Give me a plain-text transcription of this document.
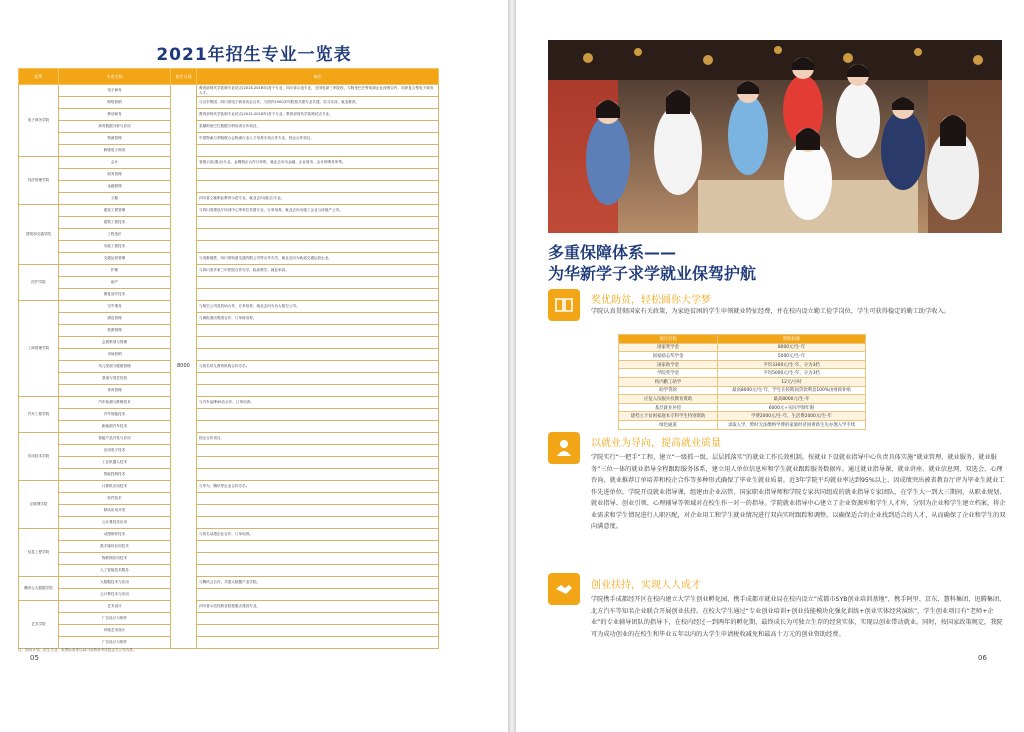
2021年招生专业一览表
院系	专业名称	招生计划	备注
电子商务学院	电子商务	8000	教育部现代学徒制专业试点(2015-2018年)首个专业，四川省示范专业，全国电商三甲院校，与阿里巴巴等电商企业深度合作，培养复合型电子商务人才。
	网络营销		与京东集团、四川省电子商务协会合作，与国内1500多所院校共建专业共建，实习实训，就业推荐。
	移动商务		教育部现代学徒制专业试点(2015-2018年)首个专业，教育部现代学徒制试点专业。
	商务数据分析与应用		隶属阿里巴巴数据分析培训合作项目。
	物流管理		中国物流与采购联合会物流行业人才培养专项合作专业，校企合作项目。
	跨境电子商务		
经济管理学院	会计		省级示范(重点)专业，金蝶校企合作订单班，就业去向为金融、企业财务、会计师事务所等。
	财务管理		
	金融管理		
	文秘		四川省文秘职业教育示范专业，就业去向(重点)专业。
建筑和交通学院	建设工程管理		与四川省建设厅培训中心等单位共建专业，订单培养，就业去向为施工企业与房地产公司。
	建筑工程技术		
	工程造价		
	市政工程技术		
	交通运营管理		与成都地铁、四川省轨道交通有限公司等合作办学，就业去向为轨道交通运营企业。
医护学院	护理		与四川省多家三甲医院合作办学，临床教学，就业率高。
	助产		
	康复治疗技术		
工商管理学院	空中乘务		与航空公司及机场合作，订单培养，就业去向为各大航空公司。
	酒店管理		与洲际酒店集团合作，订单班培养。
	旅游管理		
	会展策划与管理		
	市场营销		
	幼儿发展与健康管理		与知名幼儿教育机构合作办学。
	茶道与茶艺经营		
	体育管理		
汽车工程学院	汽车检测与维修技术		与汽车品牌4S店合作，订单培养。
	汽车智能技术		
	新能源汽车技术		
应用技术学院	智能产品开发与应用		校企合作项目。
	应用电子技术		
	工业机器人技术		
	智能控制技术		
互联网学院	计算机应用技术		与华为、腾讯等企业合作办学。
	软件技术		
	移动应用开发		
	云计算技术应用		
信息工程学院	动漫制作技术		与知名动漫企业合作，订单培养。
	数字媒体应用技术		
	物联网应用技术		
	人工智能技术服务		
腾讯云大数据学院	大数据技术与应用		与腾讯云合作，共建大数据产业学院。
	云计算技术与应用		
艺术学院	艺术设计		四川省示范性职业院校重点建设专业。
	广告设计与制作		
	环境艺术设计		
	广告设计与制作		
注：面向计划、招生专业、收费标准等以四川省教育考试院正式公布为准。
05
多重保障体系——
为华新学子求学就业保驾护航
奖优助贫，轻松圆你大学梦
学院认真贯彻国家有关政策，为家庭贫困的学生申领就业特征经费，并在校内设立勤工俭学岗位，学生可获得稳定的勤工助学收入。
项目名称	资助标准
国家奖学金	8000元/生·年
国家励志奖学金	5000元/生·年
国家助学金	平均3300元/生·年，分为3档
学院奖学金	平均5000元/生·年，分为3档
校内勤工助学	12元/小时
助学贷款	最高8000元/生·年，学生在校期间贷款利息100%由财政补贴
应征入伍服兵役教育资助	最高8000元/生·年
基层就业补偿	6000元+实际学制年限
建档立卡贫困家庭本专科学生特别资助	学费2000元/生·年，生活费2000元/生·年
绿色通道	录取入学，暂时无法缴纳学费的家庭经济困难新生先办理入学手续
以就业为导向，提高就业质量
学院实行“一把手”工程，建立“一级抓一级、层层抓落实”的就业工作长效机制。按就业下设就业指导中心负责具体实施“就业管理、就业服务、就业服务”三位一体的就业指导全程跟踪服务体系，建立用人单位信息库和学生就业跟踪服务数据库。通过就业指导课、就业讲座、就业信息网、双选会、心理咨询、就业推荐订单培养和校企合作等多种形式确保了毕业生就业质量。近3年学院平均就业率达到95%以上，因成绩突出被省教育厅评为毕业生就业工作先进单位。学院开设就业指导课，组建由企业高管、国家职业指导师和学院专家共同组成的就业指导专家团队，在学生大一到大三期间，从职业规划、就业指导、创业引领、心理辅导等领域对在校生作一对一的指导。学院就业指导中心建立了企业资源库和学生人才库，分别为企业和学生建立档案，将企业需求和学生情况进行人职匹配，对企业用工和学生就业情况进行双向实时跟踪和调整，以确保适合的企业找到适合的人才，从而确保了企业和学生的双向满意度。
创业扶持，实现人人成才
学院携手成都经开区在校内建立大学生创业孵化园，携手成都市就业局在校内设立“成都市SYB创业培训基地”，携手阿里、京东、慧科集团、迅腾集团、北方汽车等知名企业联合开展创业扶持。在校大学生通过“专业创业培训+创业技能模块化强化训练+创业实体经营演练”，学生创业项目有“老师+企业”的专业辅导团队的指导下，在校内经过一到两年的孵化期，最终成长为可独立生存的经营实体，实现以创业带动就业。同时，按国家政策规定，我院可为成功创业的在校生和毕业五年以内的大学生申请税收减免和最高十万元的创业资助经费。
06
